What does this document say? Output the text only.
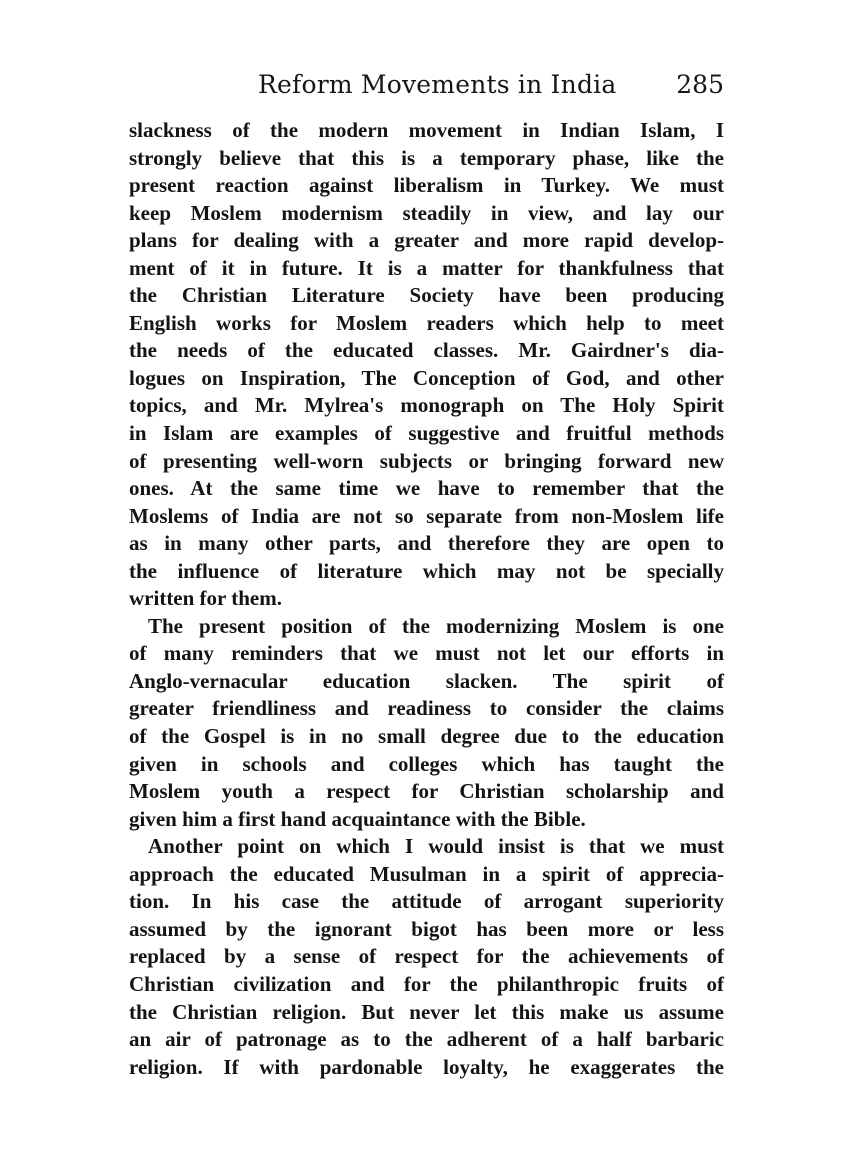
Reform Movements in India 285
slackness of the modern movement in Indian Islam, I
strongly believe that this is a temporary phase, like the
present reaction against liberalism in Turkey. We must
keep Moslem modernism steadily in view, and lay our
plans for dealing with a greater and more rapid develop-
ment of it in future. It is a matter for thankfulness that
the Christian Literature Society have been producing
English works for Moslem readers which help to meet
the needs of the educated classes. Mr. Gairdner's dia-
logues on Inspiration, The Conception of God, and other
topics, and Mr. Mylrea's monograph on The Holy Spirit
in Islam are examples of suggestive and fruitful methods
of presenting well-worn subjects or bringing forward new
ones. At the same time we have to remember that the
Moslems of India are not so separate from non-Moslem life
as in many other parts, and therefore they are open to
the influence of literature which may not be specially
written for them.
The present position of the modernizing Moslem is one
of many reminders that we must not let our efforts in
Anglo-vernacular education slacken. The spirit of
greater friendliness and readiness to consider the claims
of the Gospel is in no small degree due to the education
given in schools and colleges which has taught the
Moslem youth a respect for Christian scholarship and
given him a first hand acquaintance with the Bible.
Another point on which I would insist is that we must
approach the educated Musulman in a spirit of apprecia-
tion. In his case the attitude of arrogant superiority
assumed by the ignorant bigot has been more or less
replaced by a sense of respect for the achievements of
Christian civilization and for the philanthropic fruits of
the Christian religion. But never let this make us assume
an air of patronage as to the adherent of a half barbaric
religion. If with pardonable loyalty, he exaggerates the
